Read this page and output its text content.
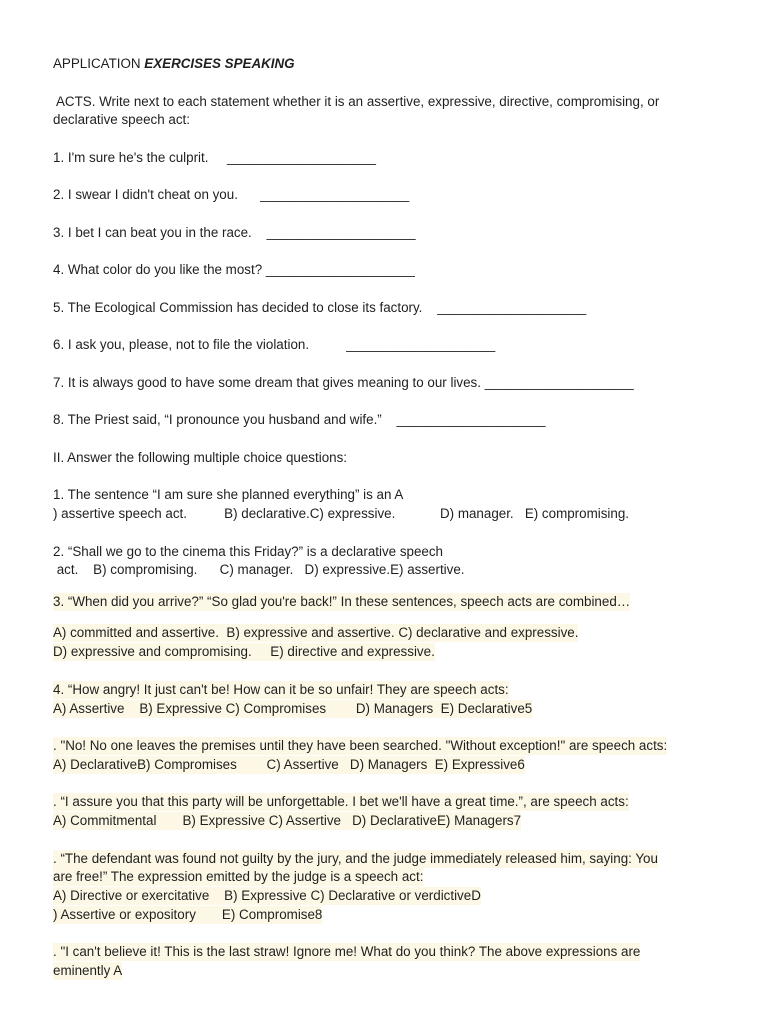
APPLICATION EXERCISES SPEAKING
ACTS. Write next to each statement whether it is an assertive, expressive, directive, compromising, or
declarative speech act:
1. I'm sure he's the culprit.     ____________________
2. I swear I didn't cheat on you.      ____________________
3. I bet I can beat you in the race.    ____________________
4. What color do you like the most? ____________________
5. The Ecological Commission has decided to close its factory.    ____________________
6. I ask you, please, not to file the violation.          ____________________
7. It is always good to have some dream that gives meaning to our lives. ____________________
8. The Priest said, “I pronounce you husband and wife.”    ____________________
II. Answer the following multiple choice questions:
1. The sentence “I am sure she planned everything” is an A
) assertive speech act.          B) declarative.C) expressive.            D) manager.   E) compromising.
2. “Shall we go to the cinema this Friday?” is a declarative speech
act.    B) compromising.      C) manager.   D) expressive.E) assertive.
3. “When did you arrive?” “So glad you're back!” In these sentences, speech acts are combined…
A) committed and assertive.  B) expressive and assertive. C) declarative and expressive.
D) expressive and compromising.     E) directive and expressive.
4. “How angry! It just can't be! How can it be so unfair! They are speech acts:
A) Assertive    B) Expressive C) Compromises        D) Managers  E) Declarative5
. "No! No one leaves the premises until they have been searched. "Without exception!" are speech acts:
A) DeclarativeB) Compromises        C) Assertive   D) Managers  E) Expressive6
. “I assure you that this party will be unforgettable. I bet we'll have a great time.”, are speech acts:
A) Commitmental       B) Expressive C) Assertive   D) DeclarativeE) Managers7
. “The defendant was found not guilty by the jury, and the judge immediately released him, saying: You
are free!” The expression emitted by the judge is a speech act:
A) Directive or exercitative    B) Expressive C) Declarative or verdictiveD
) Assertive or expository       E) Compromise8
. "I can't believe it! This is the last straw! Ignore me! What do you think? The above expressions are
eminently A
